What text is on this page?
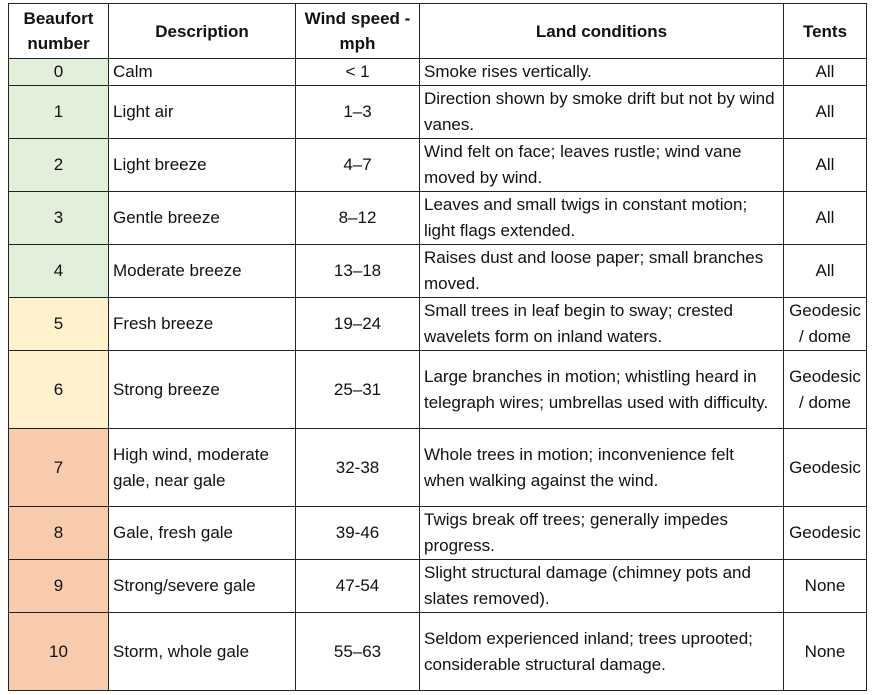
Beaufort number	Description	Wind speed - mph	Land conditions	Tents
0	Calm	< 1	Smoke rises vertically.	All
1	Light air	1–3	Direction shown by smoke drift but not by wind vanes.	All
2	Light breeze	4–7	Wind felt on face; leaves rustle; wind vane moved by wind.	All
3	Gentle breeze	8–12	Leaves and small twigs in constant motion; light flags extended.	All
4	Moderate breeze	13–18	Raises dust and loose paper; small branches moved.	All
5	Fresh breeze	19–24	Small trees in leaf begin to sway; crested wavelets form on inland waters.	Geodesic / dome
6	Strong breeze	25–31	Large branches in motion; whistling heard in telegraph wires; umbrellas used with difficulty.	Geodesic / dome
7	High wind, moderate gale, near gale	32-38	Whole trees in motion; inconvenience felt when walking against the wind.	Geodesic
8	Gale, fresh gale	39-46	Twigs break off trees; generally impedes progress.	Geodesic
9	Strong/severe gale	47-54	Slight structural damage (chimney pots and slates removed).	None
10	Storm, whole gale	55–63	Seldom experienced inland; trees uprooted; considerable structural damage.	None
